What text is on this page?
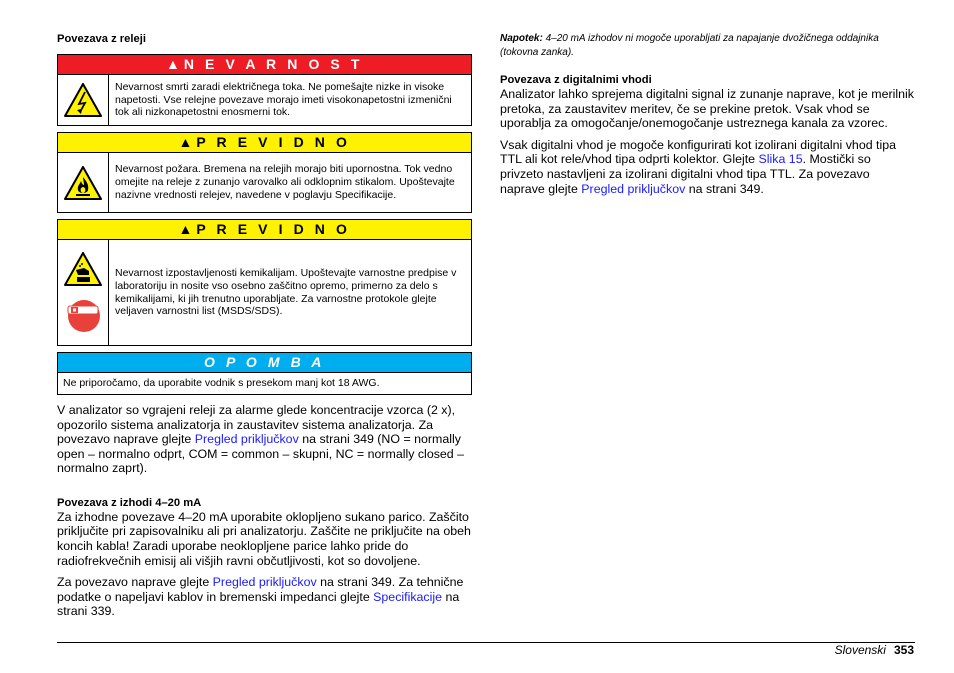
Povezava z releji
▲ N E V A R N O S T
Nevarnost smrti zaradi električnega toka. Ne pomešajte nizke in visoke napetosti. Vse relejne povezave morajo imeti visokonapetostni izmenični tok ali nizkonapetostni enosmerni tok.
▲ P R E V I D N O
Nevarnost požara. Bremena na relejih morajo biti upornostna. Tok vedno omejite na releje z zunanjo varovalko ali odklopnim stikalom. Upoštevajte nazivne vrednosti relejev, navedene v poglavju Specifikacije.
▲ P R E V I D N O
Nevarnost izpostavljenosti kemikalijam. Upoštevajte varnostne predpise v laboratoriju in nosite vso osebno zaščitno opremo, primerno za delo s kemikalijami, ki jih trenutno uporabljate. Za varnostne protokole glejte veljaven varnostni list (MSDS/SDS).
O P O M B A
Ne priporočamo, da uporabite vodnik s presekom manj kot 18 AWG.

V analizator so vgrajeni releji za alarme glede koncentracije vzorca (2 x), opozorilo sistema analizatorja in zaustavitev sistema analizatorja. Za povezavo naprave glejte Pregled priključkov na strani 349 (NO = normally open – normalno odprt, COM = common – skupni, NC = normally closed – normalno zaprt).

Povezava z izhodi 4–20 mA

Za izhodne povezave 4–20 mA uporabite oklopljeno sukano parico. Zaščito priključite pri zapisovalniku ali pri analizatorju. Zaščite ne priključite na obeh koncih kabla! Zaradi uporabe neoklopljene parice lahko pride do radiofrekvečnih emisij ali višjih ravni občutljivosti, kot so dovoljene.

Za povezavo naprave glejte Pregled priključkov na strani 349. Za tehnične podatke o napeljavi kablov in bremenski impedanci glejte Specifikacije na strani 339.

Napotek: 4–20 mA izhodov ni mogoče uporabljati za napajanje dvožičnega oddajnika (tokovna zanka).

Povezava z digitalnimi vhodi

Analizator lahko sprejema digitalni signal iz zunanje naprave, kot je merilnik pretoka, za zaustavitev meritev, če se prekine pretok. Vsak vhod se uporablja za omogočanje/onemogočanje ustreznega kanala za vzorec.

Vsak digitalni vhod je mogoče konfigurirati kot izolirani digitalni vhod tipa TTL ali kot rele/vhod tipa odprti kolektor. Glejte Slika 15. Mostički so privzeto nastavljeni za izolirani digitalni vhod tipa TTL. Za povezavo naprave glejte Pregled priključkov na strani 349.

Slovenski 353
